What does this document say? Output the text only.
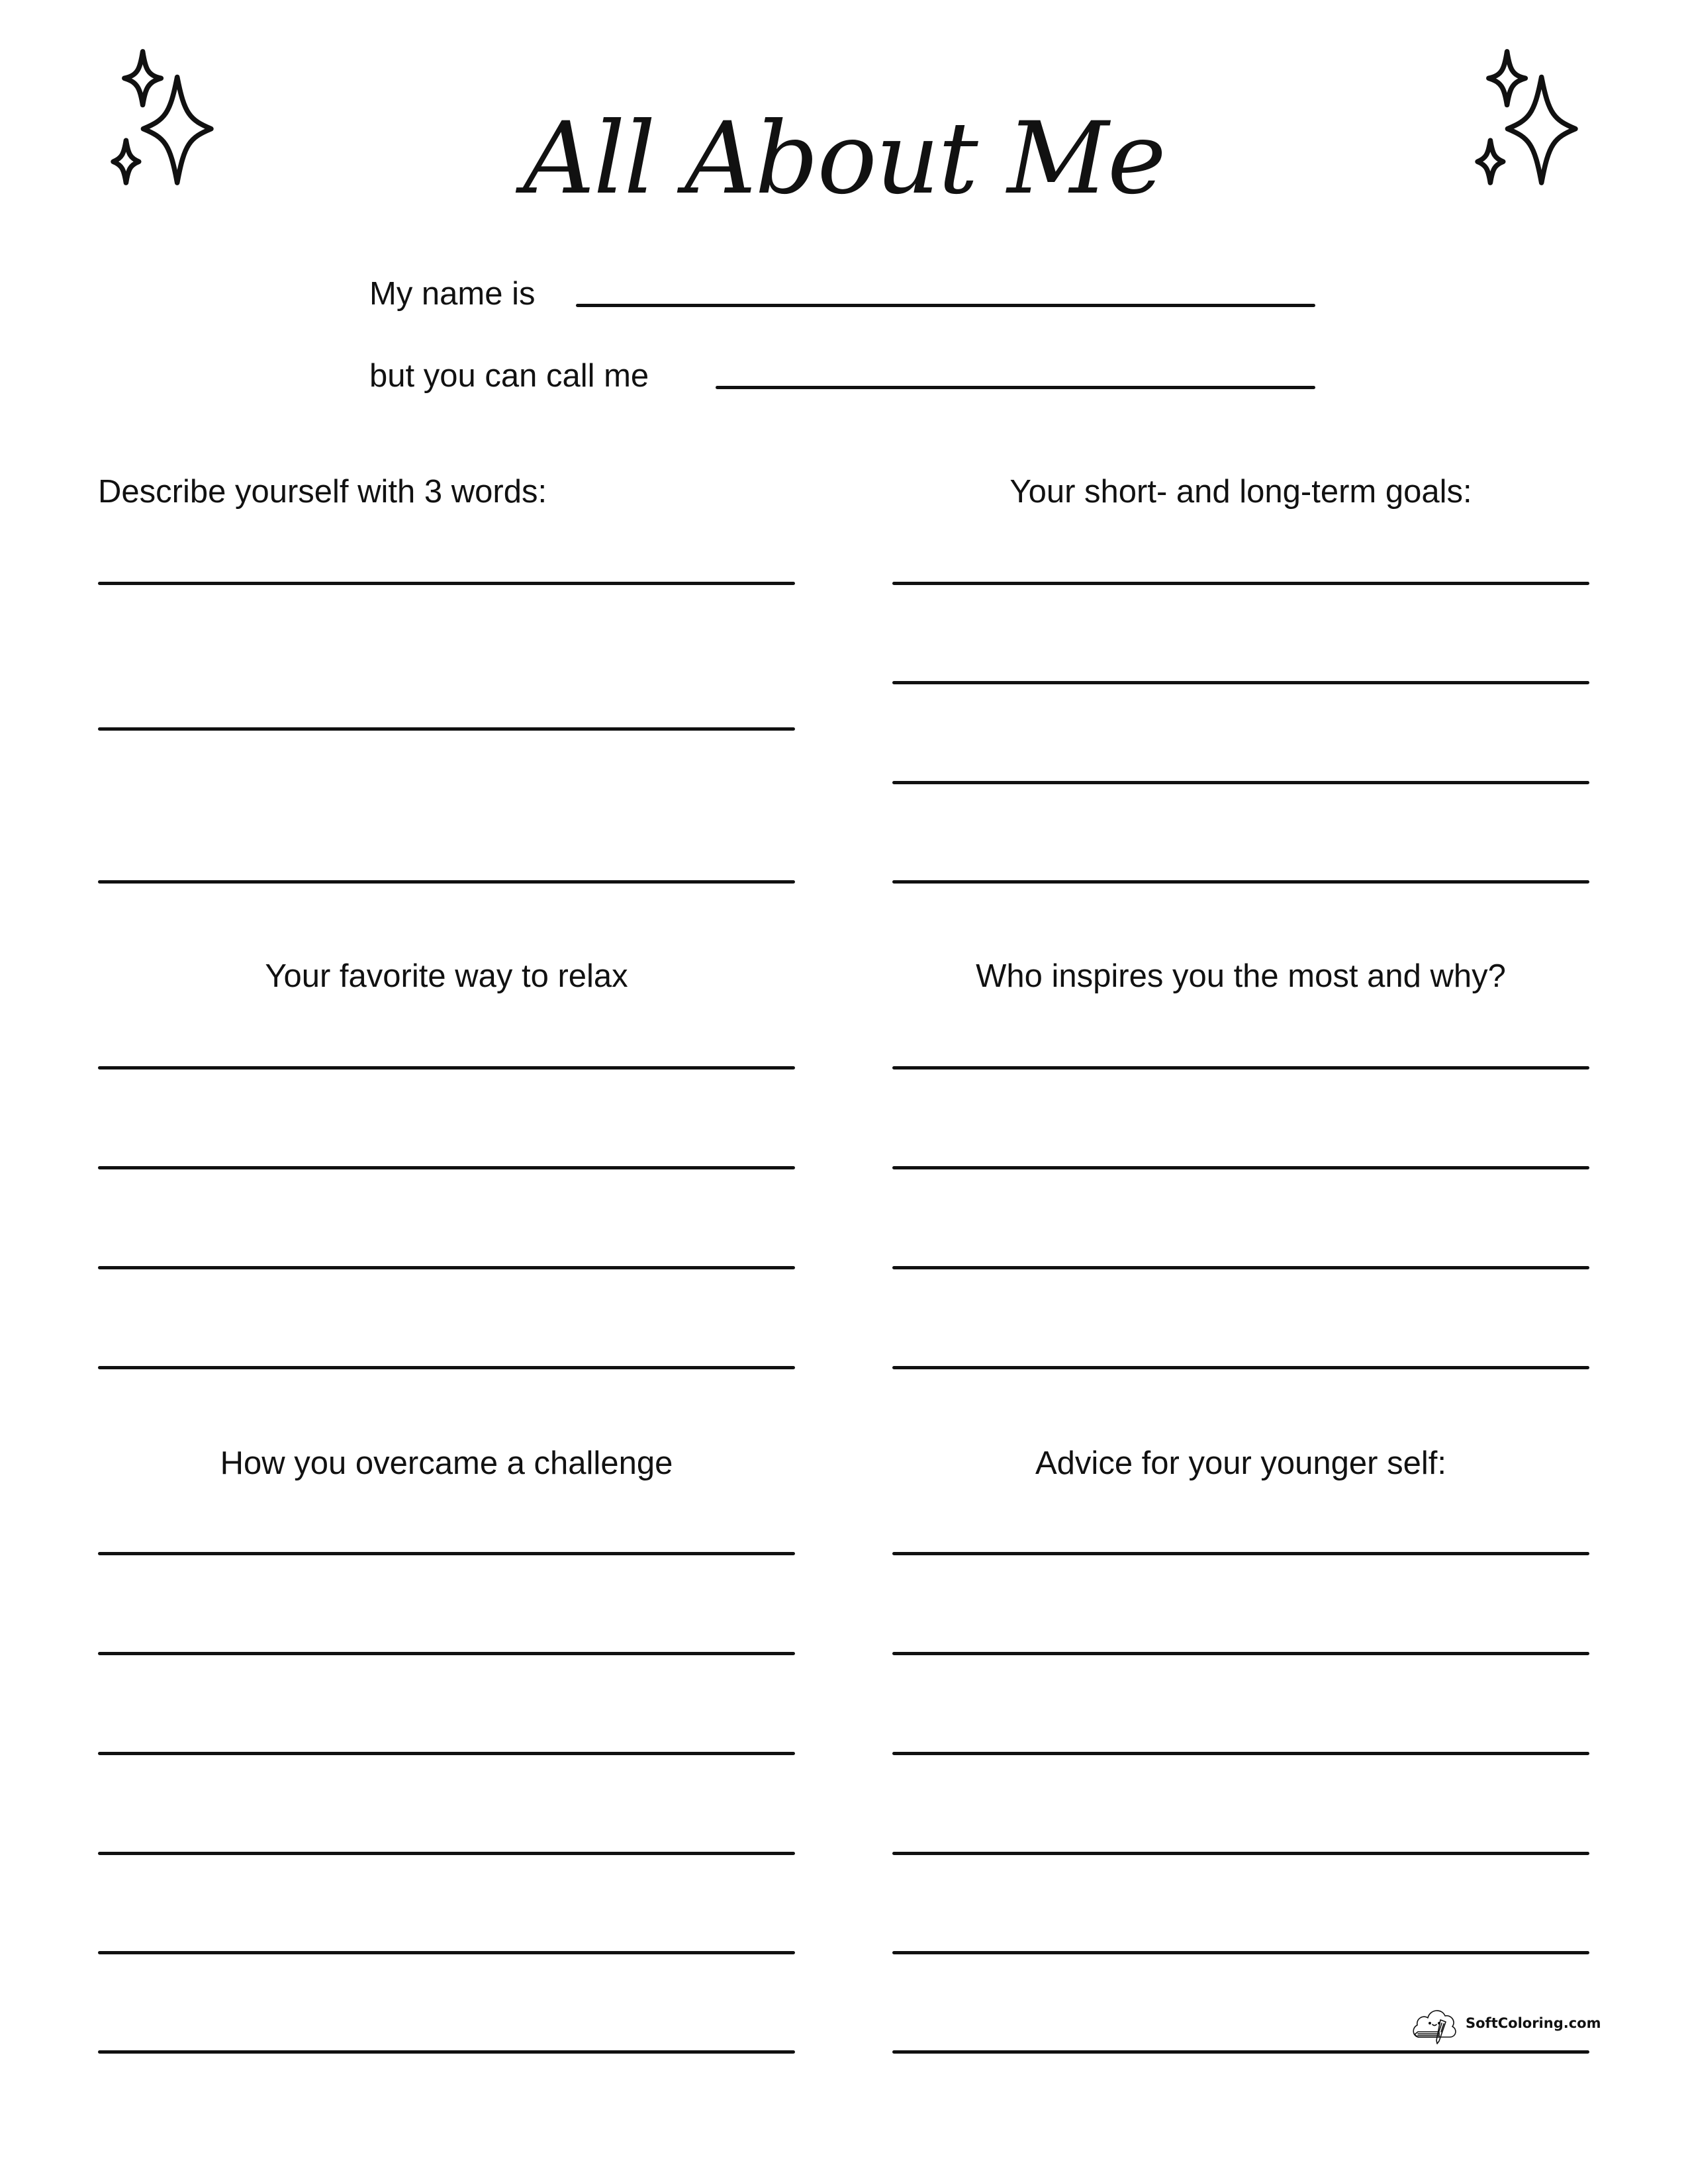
All About Me
My name is
but you can call me
Describe yourself with 3 words:	Your short- and long-term goals:
Your favorite way to relax	Who inspires you the most and why?
How you overcame a challenge	Advice for your younger self:
SoftColoring.com
